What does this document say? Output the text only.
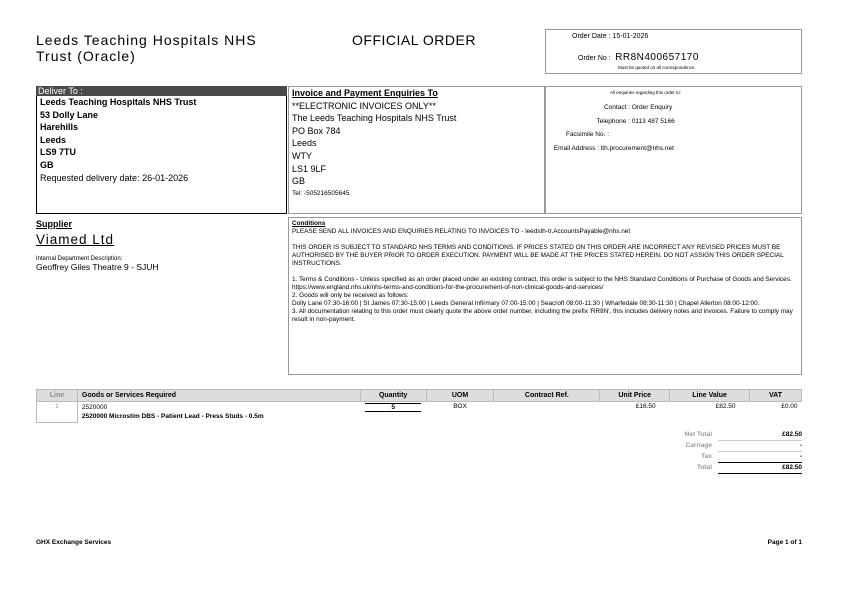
Leeds Teaching Hospitals NHS
Trust (Oracle)
OFFICIAL ORDER	Order Date : 15-01-2026
Order No : RR8N400657170
Must be quoted on all correspondence.
Deliver To :
Leeds Teaching Hospitals NHS Trust
53 Dolly Lane
Harehills
Leeds
LS9 7TU
GB
Requested delivery date: 26-01-2026
Invoice and Payment Enquiries To
**ELECTRONIC INVOICES ONLY**
The Leeds Teaching Hospitals NHS Trust
PO Box 784
Leeds
WTY
LS1 9LF
GB
Tel: -505216505645
All enquiries regarding this order to:
Contact : Order Enquiry
Telephone : 0113 487 5166
Facsimile No. :
Email Address : lth.procurement@nhs.net
Supplier
Viamed Ltd
Internal Department Description:
Geoffrey Giles Theatre 9 - SJUH
Conditions
PLEASE SEND ALL INVOICES AND ENQUIRIES RELATING TO INVOICES TO - leedsth-tr.AccountsPayable@nhs.net
THIS ORDER IS SUBJECT TO STANDARD NHS TERMS AND CONDITIONS. IF PRICES STATED ON THIS ORDER ARE INCORRECT ANY REVISED PRICES MUST BE AUTHORISED BY THE BUYER PRIOR TO ORDER EXECUTION. PAYMENT WILL BE MADE AT THE PRICES STATED HEREIN. DO NOT ASSIGN THIS ORDER SPECIAL INSTRUCTIONS.
1. Terms & Conditions - Unless specified as an order placed under an existing contract, this order is subject to the NHS Standard Conditions of Purchase of Goods and Services.
https://www.england.nhs.uk/nhs-terms-and-conditions-for-the-procurement-of-non-clinical-goods-and-services/
2. Goods will only be received as follows:
Dolly Lane 07:30-16:00 | St James 07:30-15:00 | Leeds General Infirmary 07:00-15:00 | Seacroft 08:00-11:30 | Wharfedale 08:30-11:30 | Chapel Allerton 08:00-12:00.
3. All documentation relating to this order must clearly quote the above order number, including the prefix 'RR8N', this includes delivery notes and invoices. Failure to comply may result in non-payment.
Line	Goods or Services Required	Quantity	UOM	Contract Ref.	Unit Price	Line Value	VAT
1	2520000
2520000 Microstim DBS - Patient Lead - Press Studs - 0.5m	5	BOX		£16.50	£82.50	£0.00
Net Total	£82.50
Carriage	-
Tax	-
Total	£82.50
GHX Exchange Services	Page 1 of 1
